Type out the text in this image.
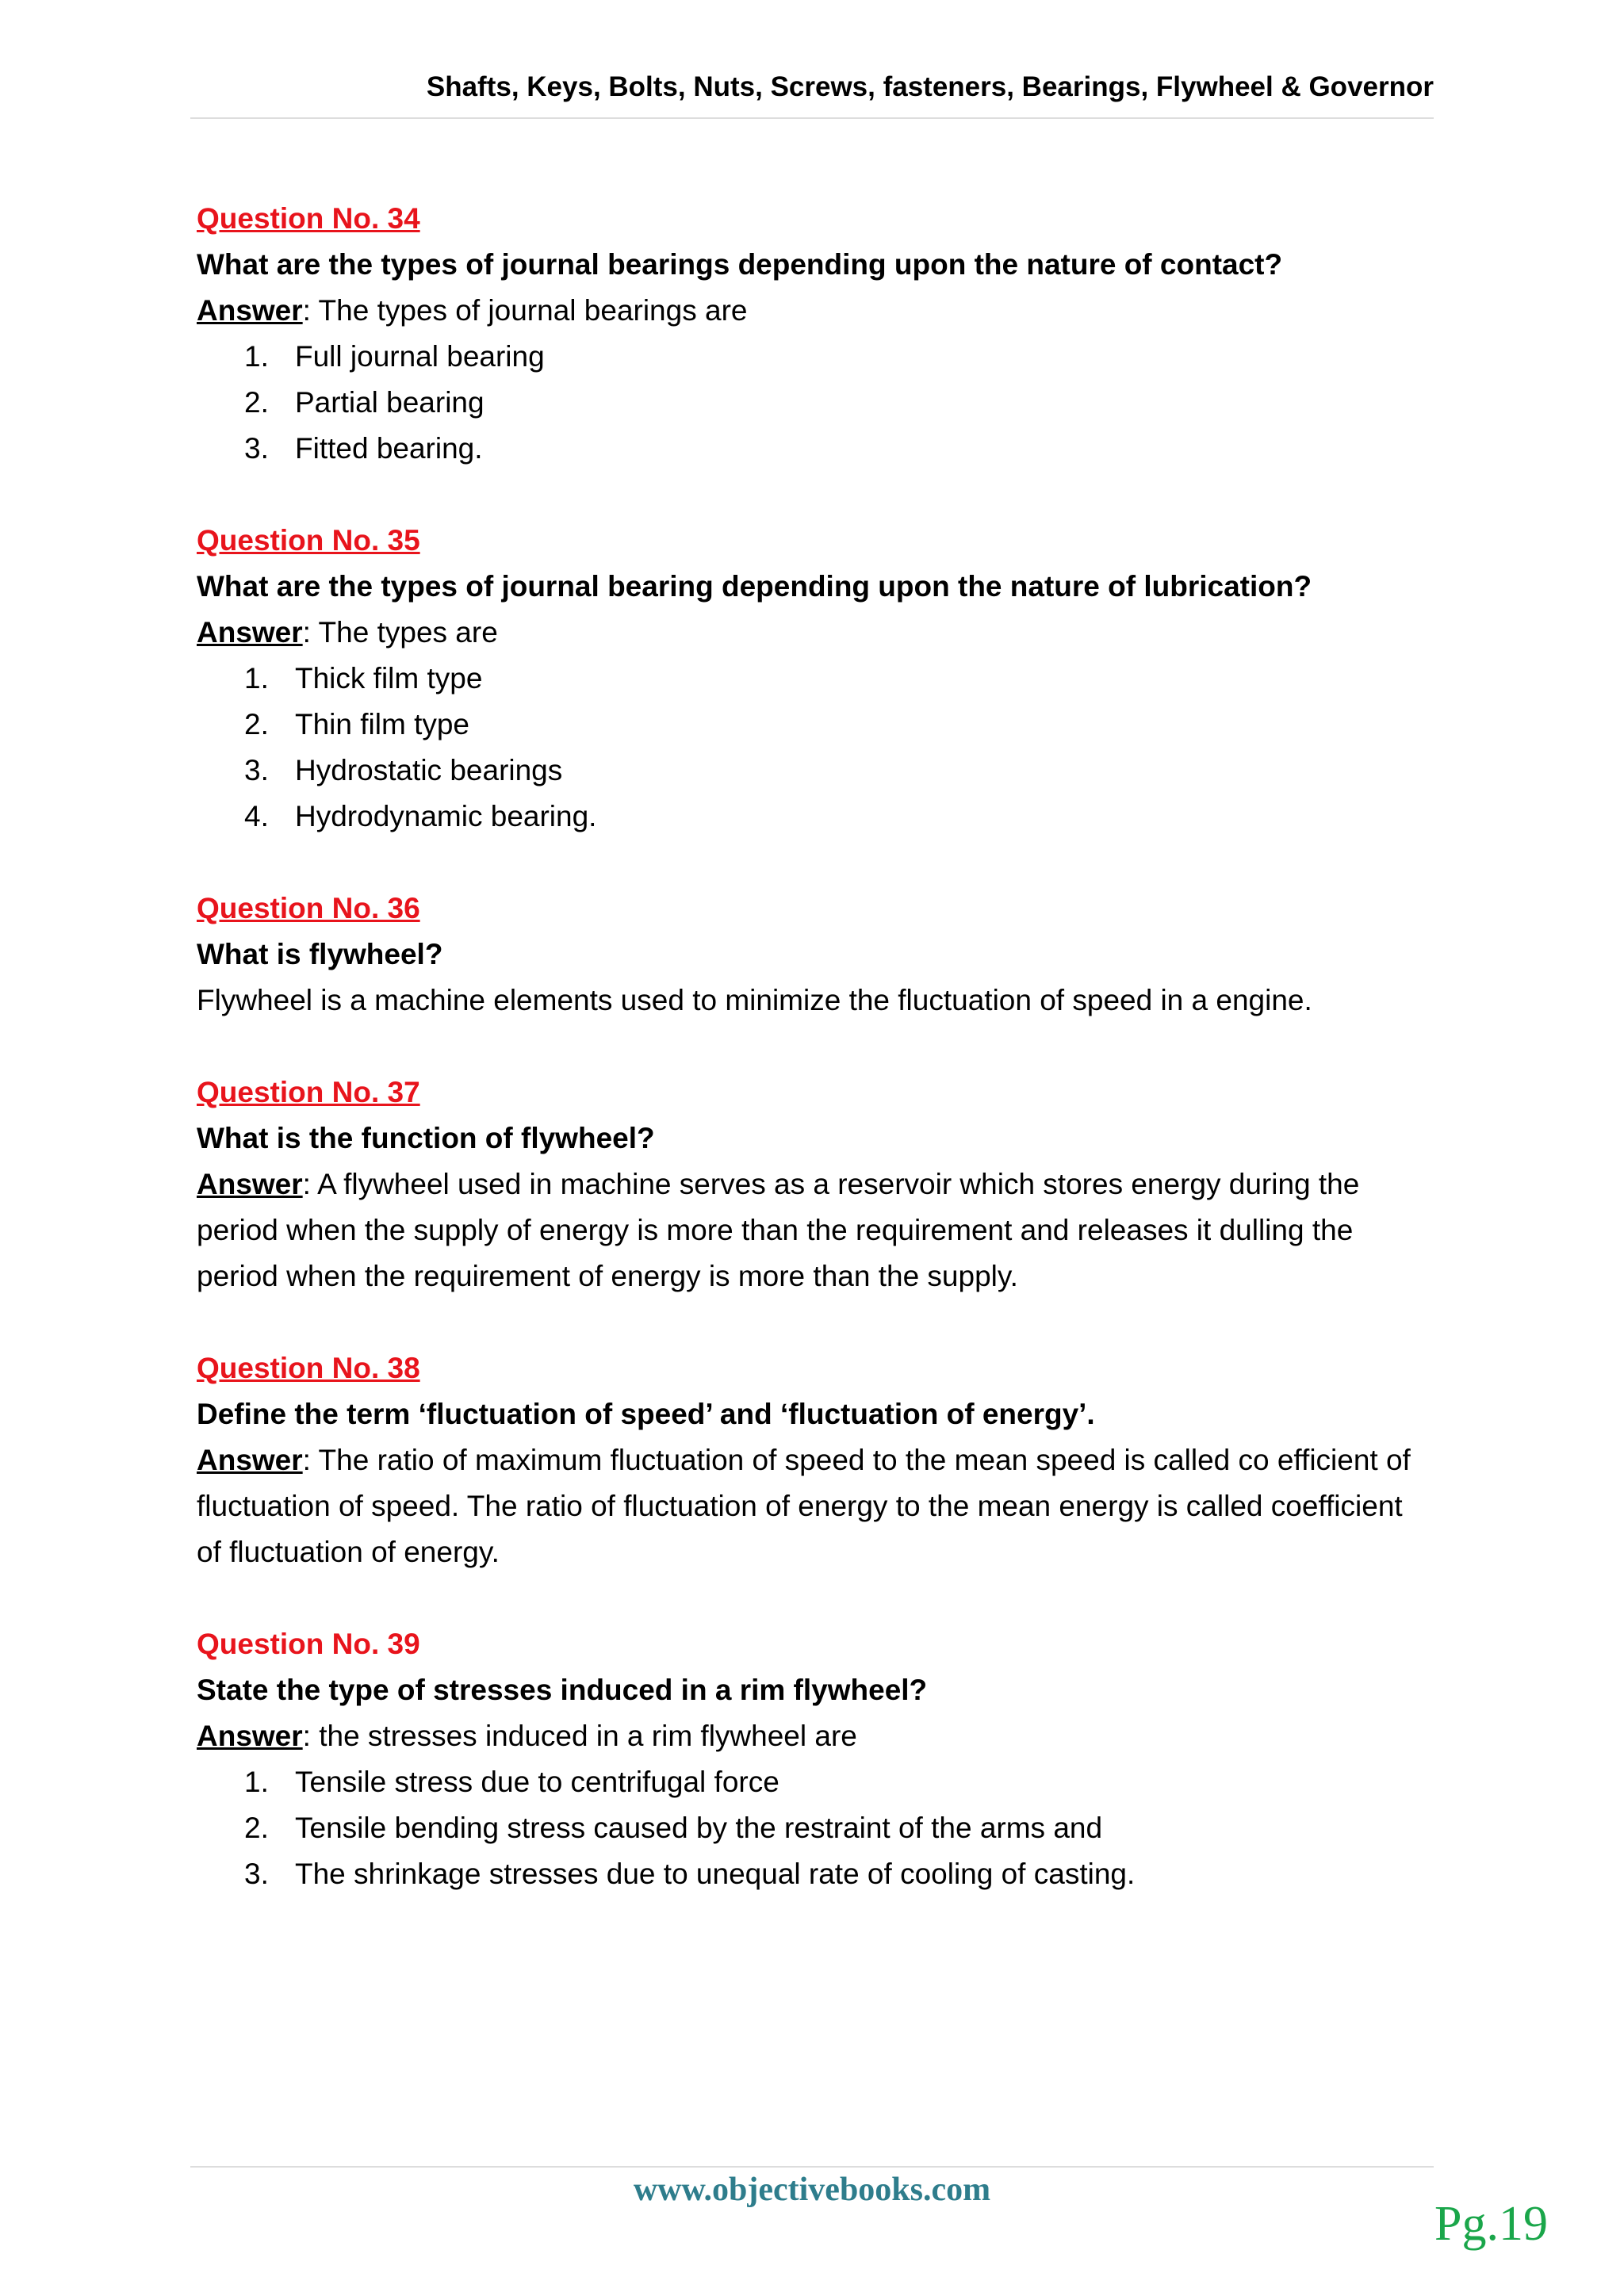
Shafts, Keys, Bolts, Nuts, Screws, fasteners, Bearings, Flywheel & Governor
Question No. 34
What are the types of journal bearings depending upon the nature of contact?
Answer: The types of journal bearings are
1. Full journal bearing
2. Partial bearing
3. Fitted bearing.
Question No. 35
What are the types of journal bearing depending upon the nature of lubrication?
Answer: The types are
1. Thick film type
2. Thin film type
3. Hydrostatic bearings
4. Hydrodynamic bearing.
Question No. 36
What is flywheel?
Flywheel is a machine elements used to minimize the fluctuation of speed in a engine.
Question No. 37
What is the function of flywheel?
Answer: A flywheel used in machine serves as a reservoir which stores energy during the period when the supply of energy is more than the requirement and releases it dulling the period when the requirement of energy is more than the supply.
Question No. 38
Define the term ‘fluctuation of speed’ and ‘fluctuation of energy’.
Answer: The ratio of maximum fluctuation of speed to the mean speed is called co efficient of fluctuation of speed. The ratio of fluctuation of energy to the mean energy is called coefficient of fluctuation of energy.
Question No. 39
State the type of stresses induced in a rim flywheel?
Answer: the stresses induced in a rim flywheel are
1. Tensile stress due to centrifugal force
2. Tensile bending stress caused by the restraint of the arms and
3. The shrinkage stresses due to unequal rate of cooling of casting.
www.objectivebooks.com
Pg.19
